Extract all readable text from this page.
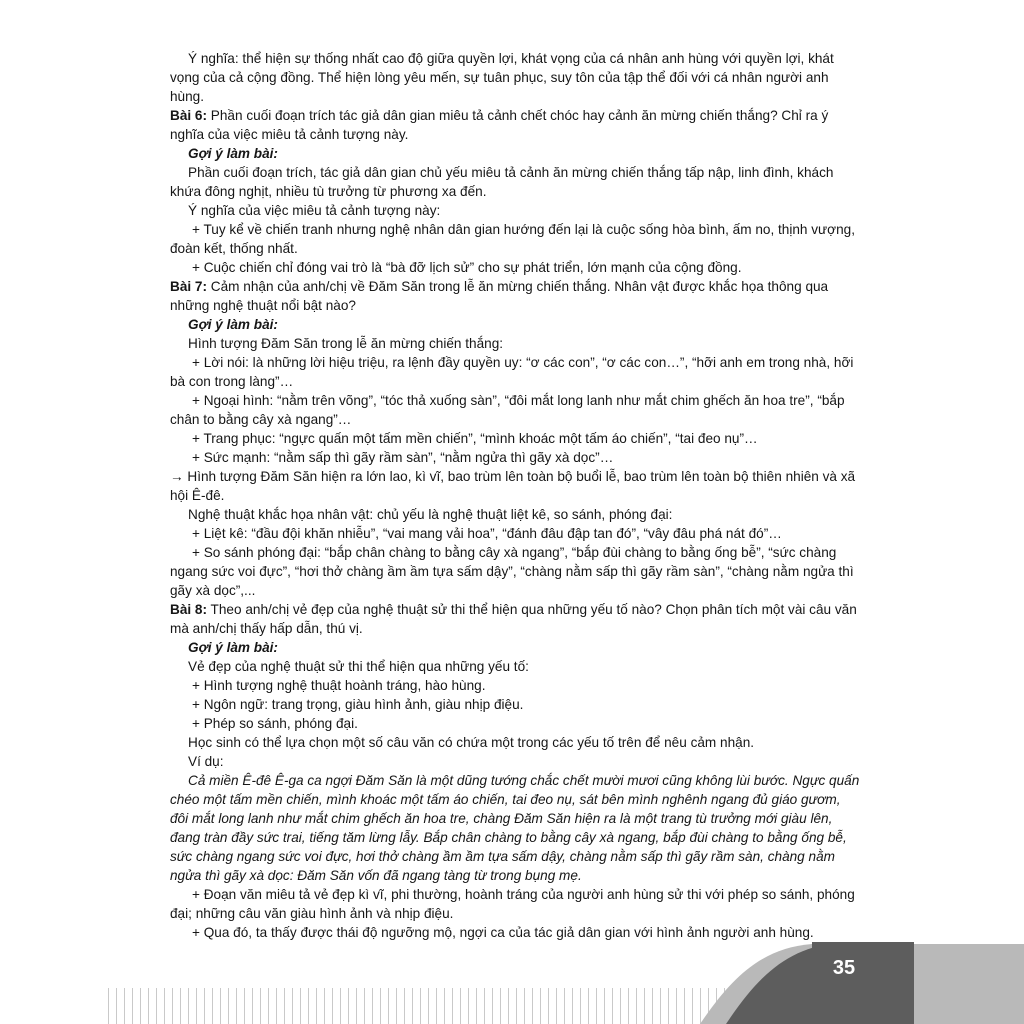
Ý nghĩa: thể hiện sự thống nhất cao độ giữa quyền lợi, khát vọng của cá nhân anh hùng với quyền lợi, khát vọng của cả cộng đồng. Thể hiện lòng yêu mến, sự tuân phục, suy tôn của tập thể đối với cá nhân người anh hùng.

Bài 6: Phần cuối đoạn trích tác giả dân gian miêu tả cảnh chết chóc hay cảnh ăn mừng chiến thắng? Chỉ ra ý nghĩa của việc miêu tả cảnh tượng này.

Gợi ý làm bài:

Phần cuối đoạn trích, tác giả dân gian chủ yếu miêu tả cảnh ăn mừng chiến thắng tấp nập, linh đình, khách khứa đông nghịt, nhiều tù trưởng từ phương xa đến.

Ý nghĩa của việc miêu tả cảnh tượng này:

+ Tuy kể về chiến tranh nhưng nghệ nhân dân gian hướng đến lại là cuộc sống hòa bình, ấm no, thịnh vượng, đoàn kết, thống nhất.

+ Cuộc chiến chỉ đóng vai trò là “bà đỡ lịch sử” cho sự phát triển, lớn mạnh của cộng đồng.

Bài 7: Cảm nhận của anh/chị về Đăm Săn trong lễ ăn mừng chiến thắng. Nhân vật được khắc họa thông qua những nghệ thuật nổi bật nào?

Gợi ý làm bài:

Hình tượng Đăm Săn trong lễ ăn mừng chiến thắng:

+ Lời nói: là những lời hiệu triệu, ra lệnh đầy quyền uy: “ơ các con”, “ơ các con…”, “hỡi anh em trong nhà, hỡi bà con trong làng”…

+ Ngoại hình: “nằm trên võng”, “tóc thả xuống sàn”, “đôi mắt long lanh như mắt chim ghếch ăn hoa tre”, “bắp chân to bằng cây xà ngang”…

+ Trang phục: “ngực quấn một tấm mền chiến”, “mình khoác một tấm áo chiến”, “tai đeo nụ”…

+ Sức mạnh: “nằm sấp thì gãy rầm sàn”, “nằm ngửa thì gãy xà dọc”…

→ Hình tượng Đăm Săn hiện ra lớn lao, kì vĩ, bao trùm lên toàn bộ buổi lễ, bao trùm lên toàn bộ thiên nhiên và xã hội Ê-đê.

Nghệ thuật khắc họa nhân vật: chủ yếu là nghệ thuật liệt kê, so sánh, phóng đại:

+ Liệt kê: “đầu đội khăn nhiễu”, “vai mang vải hoa”, “đánh đâu đập tan đó”, “vây đâu phá nát đó”…

+ So sánh phóng đại: “bắp chân chàng to bằng cây xà ngang”, “bắp đùi chàng to bằng ống bễ”, “sức chàng ngang sức voi đực”, “hơi thở chàng ầm ầm tựa sấm dậy”, “chàng nằm sấp thì gãy rầm sàn”, “chàng nằm ngửa thì gãy xà dọc”,...

Bài 8: Theo anh/chị vẻ đẹp của nghệ thuật sử thi thể hiện qua những yếu tố nào? Chọn phân tích một vài câu văn mà anh/chị thấy hấp dẫn, thú vị.

Gợi ý làm bài:

Vẻ đẹp của nghệ thuật sử thi thể hiện qua những yếu tố:

+ Hình tượng nghệ thuật hoành tráng, hào hùng.

+ Ngôn ngữ: trang trọng, giàu hình ảnh, giàu nhịp điệu.

+ Phép so sánh, phóng đại.

Học sinh có thể lựa chọn một số câu văn có chứa một trong các yếu tố trên để nêu cảm nhận.

Ví dụ:

Cả miền Ê-đê Ê-ga ca ngợi Đăm Săn là một dũng tướng chắc chết mười mươi cũng không lùi bước. Ngực quấn chéo một tấm mền chiến, mình khoác một tấm áo chiến, tai đeo nụ, sát bên mình nghênh ngang đủ giáo gươm, đôi mắt long lanh như mắt chim ghếch ăn hoa tre, chàng Đăm Săn hiện ra là một trang tù trưởng mới giàu lên, đang tràn đầy sức trai, tiếng tăm lừng lẫy. Bắp chân chàng to bằng cây xà ngang, bắp đùi chàng to bằng ống bễ, sức chàng ngang sức voi đực, hơi thở chàng ầm ầm tựa sấm dậy, chàng nằm sấp thì gãy rầm sàn, chàng nằm ngửa thì gãy xà dọc: Đăm Săn vốn đã ngang tàng từ trong bụng mẹ.

+ Đoạn văn miêu tả vẻ đẹp kì vĩ, phi thường, hoành tráng của người anh hùng sử thi với phép so sánh, phóng đại; những câu văn giàu hình ảnh và nhịp điệu.

+ Qua đó, ta thấy được thái độ ngưỡng mộ, ngợi ca của tác giả dân gian với hình ảnh người anh hùng.

35
